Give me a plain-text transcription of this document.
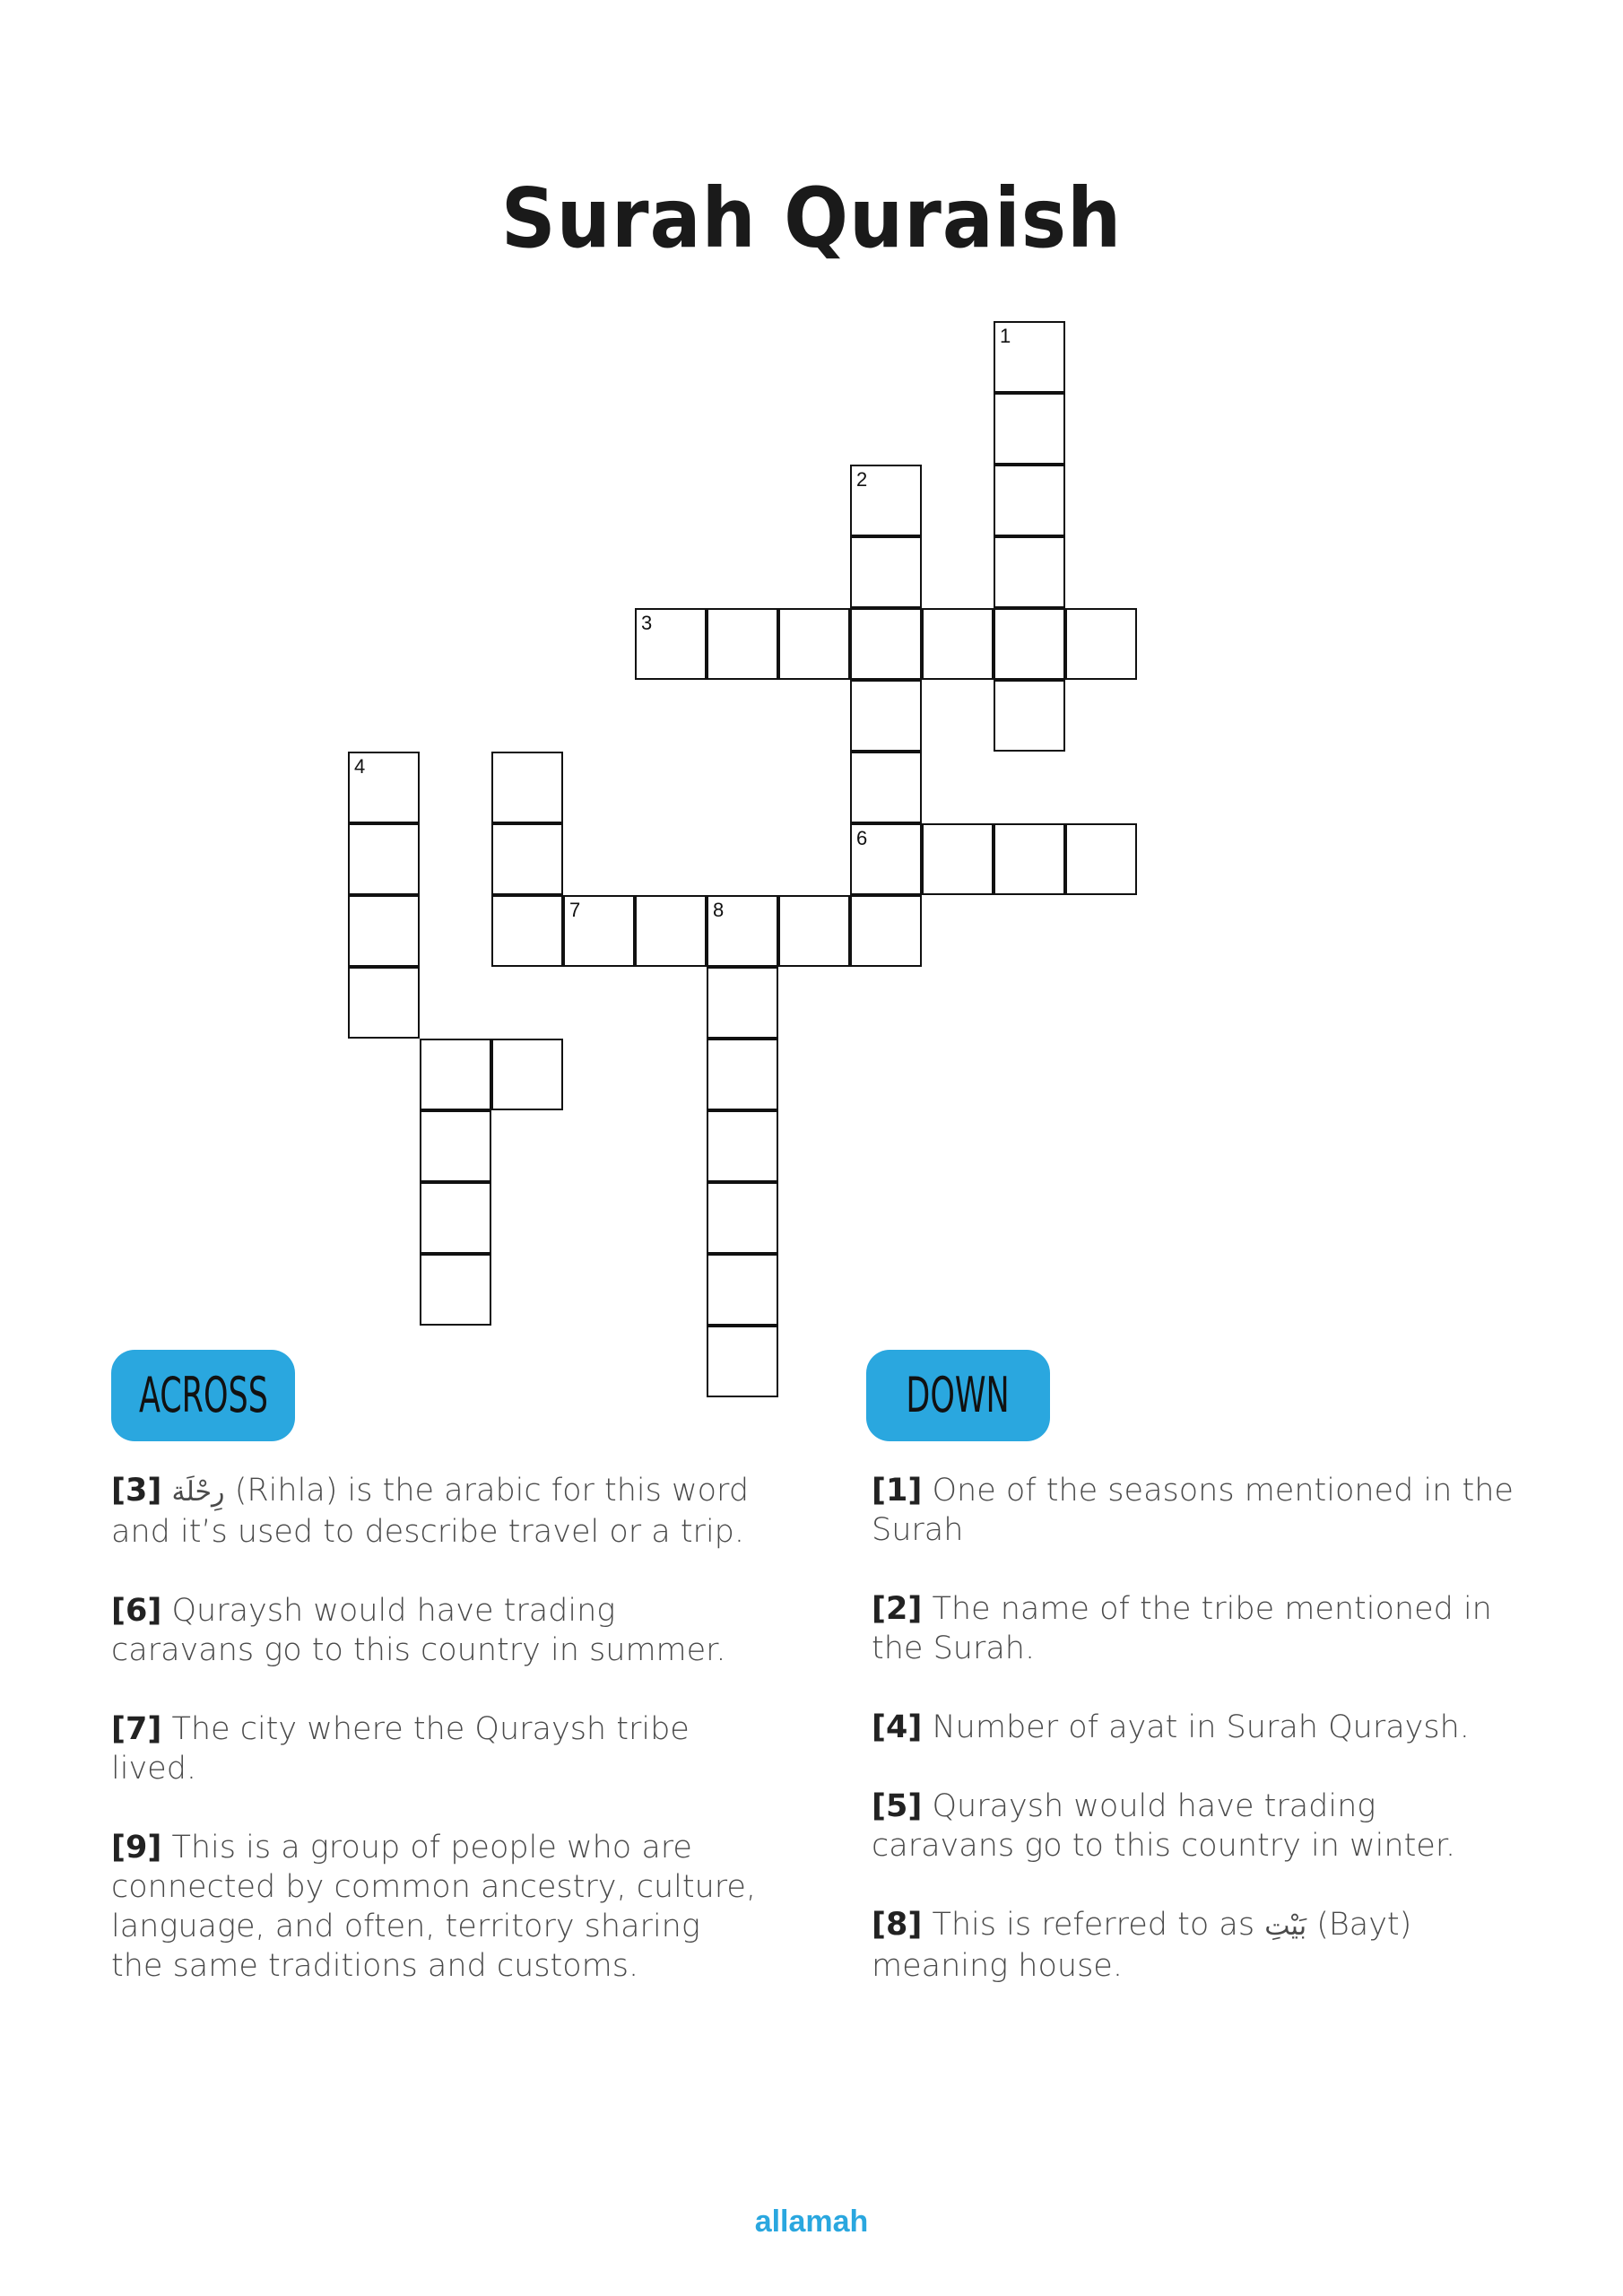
Surah Quraish
1
2
6
3
4
7	8
ACROSS	DOWN
[3] رِحْلَة (Rihla) is the arabic for this word and it’s used to describe travel or a trip.
[6] Quraysh would have trading caravans go to this country in summer.
[7] The city where the Quraysh tribe lived.
[9] This is a group of people who are connected by common ancestry, culture, language, and often, territory sharing the same traditions and customs.
[1] One of the seasons mentioned in the Surah
[2] The name of the tribe mentioned in the Surah.
[4] Number of ayat in Surah Quraysh.
[5] Quraysh would have trading caravans go to this country in winter.
[8] This is referred to as بَيْتِ (Bayt) meaning house.
allamah
